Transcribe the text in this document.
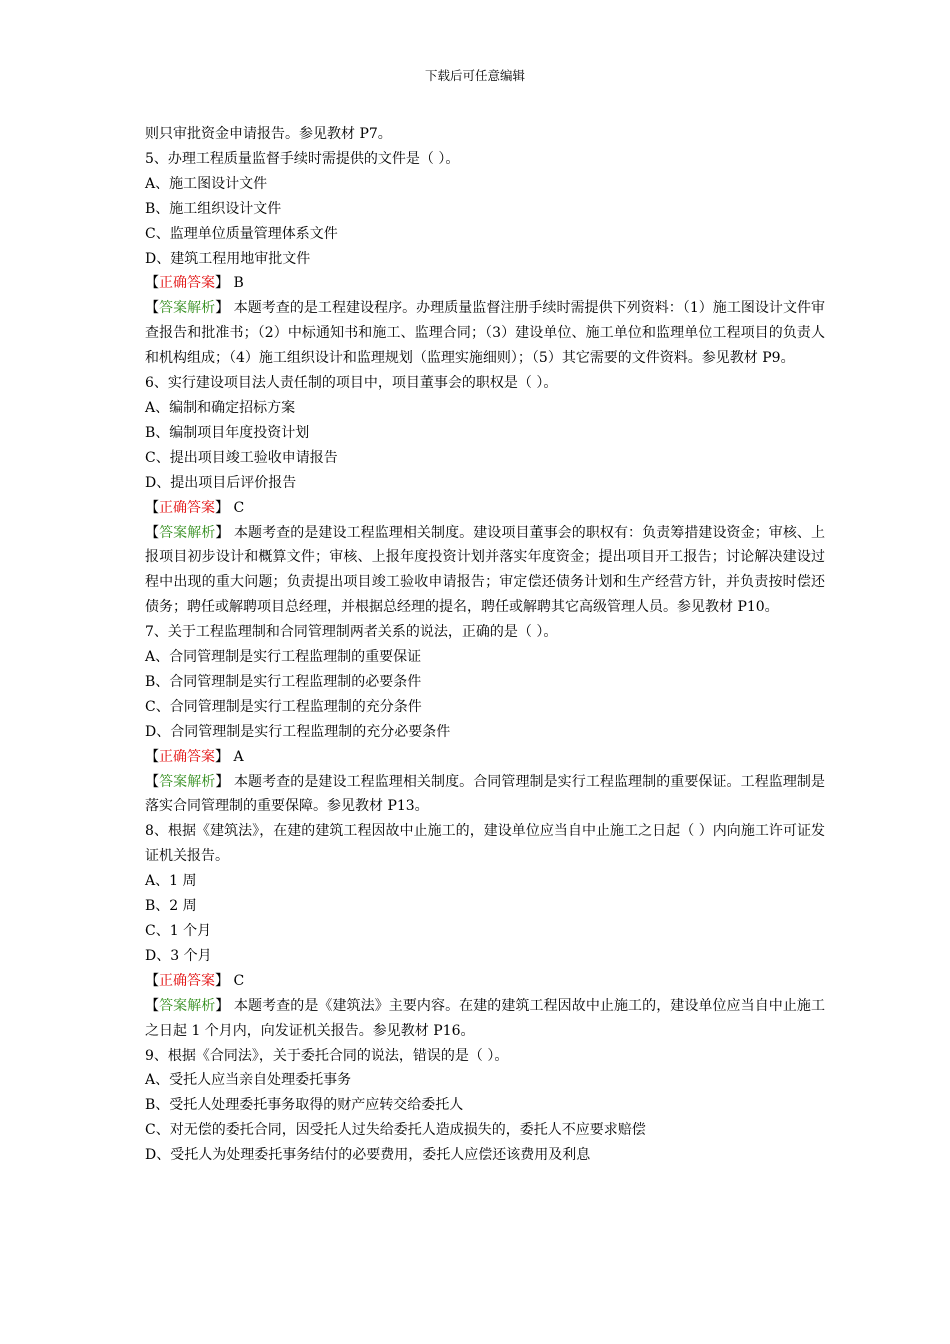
下载后可任意编辑
则只审批资金申请报告。参见教材 P7。
5、办理工程质量监督手续时需提供的文件是（ ）。
A、施工图设计文件
B、施工组织设计文件
C、监理单位质量管理体系文件
D、建筑工程用地审批文件
【正确答案】 B
【答案解析】 本题考查的是工程建设程序。办理质量监督注册手续时需提供下列资料：（1）施工图设计文件审查报告和批准书；（2）中标通知书和施工、监理合同；（3）建设单位、施工单位和监理单位工程项目的负责人和机构组成；（4）施工组织设计和监理规划（监理实施细则）；（5）其它需要的文件资料。参见教材 P9。
6、实行建设项目法人责任制的项目中，项目董事会的职权是（ ）。
A、编制和确定招标方案
B、编制项目年度投资计划
C、提出项目竣工验收申请报告
D、提出项目后评价报告
【正确答案】 C
【答案解析】 本题考查的是建设工程监理相关制度。建设项目董事会的职权有：负责筹措建设资金；审核、上报项目初步设计和概算文件；审核、上报年度投资计划并落实年度资金；提出项目开工报告；讨论解决建设过程中出现的重大问题；负责提出项目竣工验收申请报告；审定偿还债务计划和生产经营方针，并负责按时偿还债务；聘任或解聘项目总经理，并根据总经理的提名，聘任或解聘其它高级管理人员。参见教材 P10。
7、关于工程监理制和合同管理制两者关系的说法，正确的是（ ）。
A、合同管理制是实行工程监理制的重要保证
B、合同管理制是实行工程监理制的必要条件
C、合同管理制是实行工程监理制的充分条件
D、合同管理制是实行工程监理制的充分必要条件
【正确答案】 A
【答案解析】 本题考查的是建设工程监理相关制度。合同管理制是实行工程监理制的重要保证。工程监理制是落实合同管理制的重要保障。参见教材 P13。
8、根据《建筑法》，在建的建筑工程因故中止施工的，建设单位应当自中止施工之日起（ ）内向施工许可证发证机关报告。
A、1 周
B、2 周
C、1 个月
D、3 个月
【正确答案】 C
【答案解析】 本题考查的是《建筑法》主要内容。在建的建筑工程因故中止施工的，建设单位应当自中止施工之日起 1 个月内，向发证机关报告。参见教材 P16。
9、根据《合同法》，关于委托合同的说法，错误的是（ ）。
A、受托人应当亲自处理委托事务
B、受托人处理委托事务取得的财产应转交给委托人
C、对无偿的委托合同，因受托人过失给委托人造成损失的，委托人不应要求赔偿
D、受托人为处理委托事务结付的必要费用，委托人应偿还该费用及利息
